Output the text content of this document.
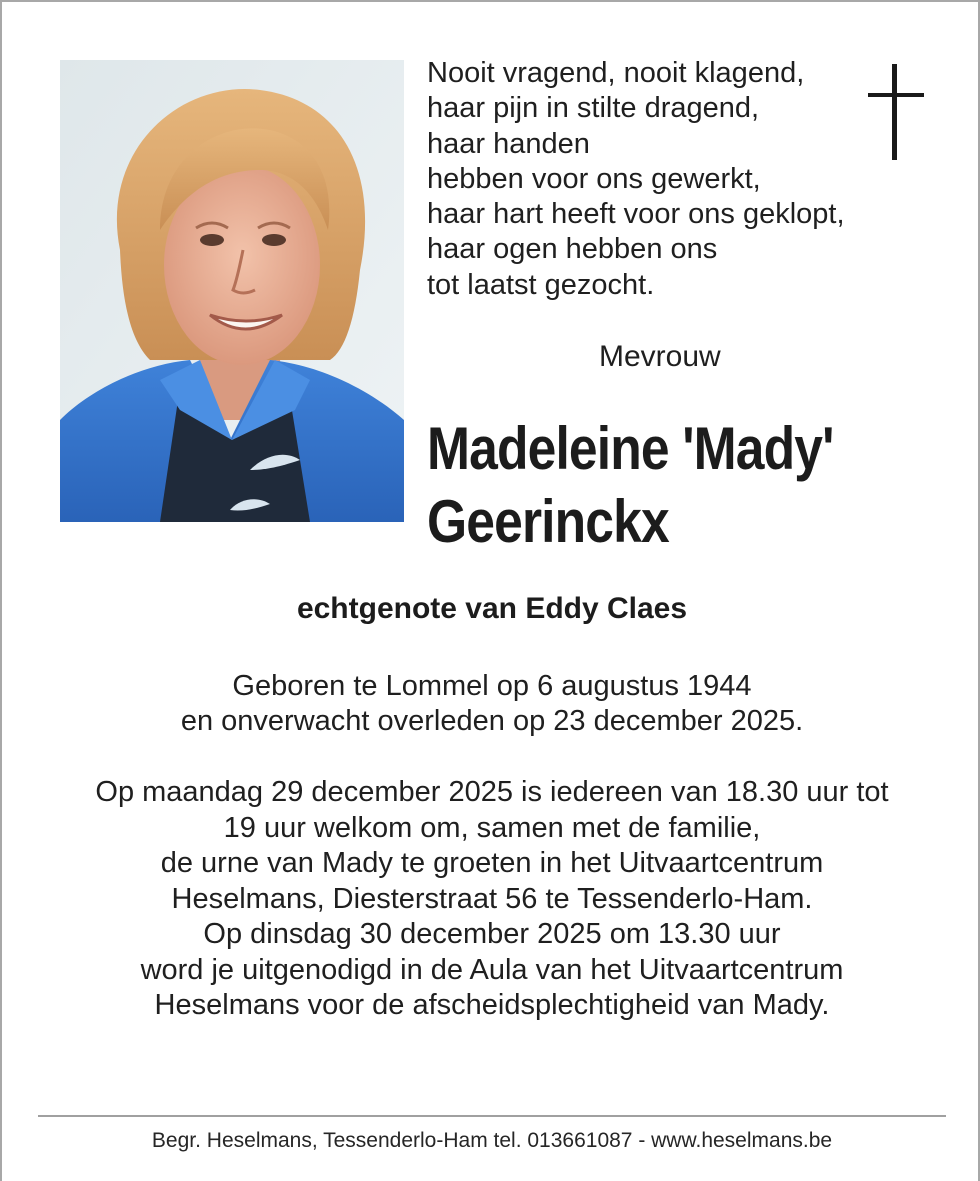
Nooit vragend, nooit klagend,
haar pijn in stilte dragend,
haar handen
hebben voor ons gewerkt,
haar hart heeft voor ons geklopt,
haar ogen hebben ons
tot laatst gezocht.
Mevrouw
Madeleine 'Mady'
Geerinckx
echtgenote van Eddy Claes
Geboren te Lommel op 6 augustus 1944
en onverwacht overleden op 23 december 2025.
Op maandag 29 december 2025 is iedereen van 18.30 uur tot
19 uur welkom om, samen met de familie,
de urne van Mady te groeten in het Uitvaartcentrum
Heselmans, Diesterstraat 56 te Tessenderlo-Ham.
Op dinsdag 30 december 2025 om 13.30 uur
word je uitgenodigd in de Aula van het Uitvaartcentrum
Heselmans voor de afscheidsplechtigheid van Mady.
Begr. Heselmans, Tessenderlo-Ham tel. 013661087 - www.heselmans.be
